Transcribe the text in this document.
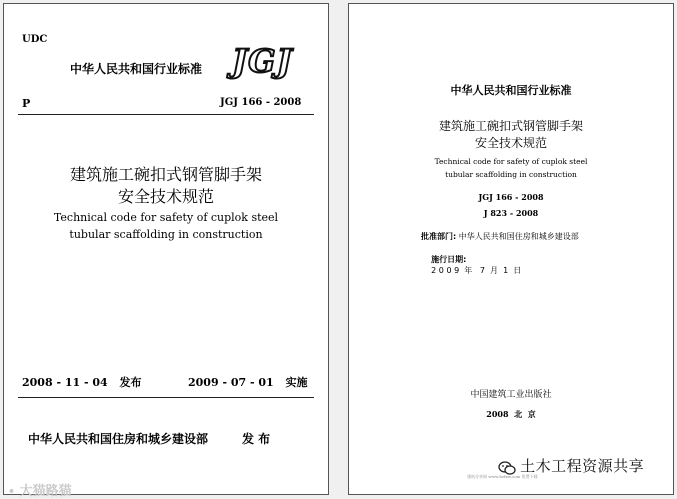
UDC
中华人民共和国行业标准 JGJ
P	JGJ 166 - 2008
建筑施工碗扣式钢管脚手架
安全技术规范
Technical code for safety of cuplok steel
tubular scaffolding in construction
2008 - 11 - 04 发布	2009 - 07 - 01 实施
中华人民共和国住房和城乡建设部	发 布
• 大猫路猫
中华人民共和国行业标准
建筑施工碗扣式钢管脚手架
安全技术规范
Technical code for safety of cuplok steel
tubular scaffolding in construction
JGJ 166 - 2008
J 823 - 2008
批准部门: 中华人民共和国住房和城乡建设部

施行日期:
2 0 0 9  年   7  月  1  日

中国建筑工业出版社
2008  北  京
建筑分享网 www.bzfxw.com 免费下载
土木工程资源共享
